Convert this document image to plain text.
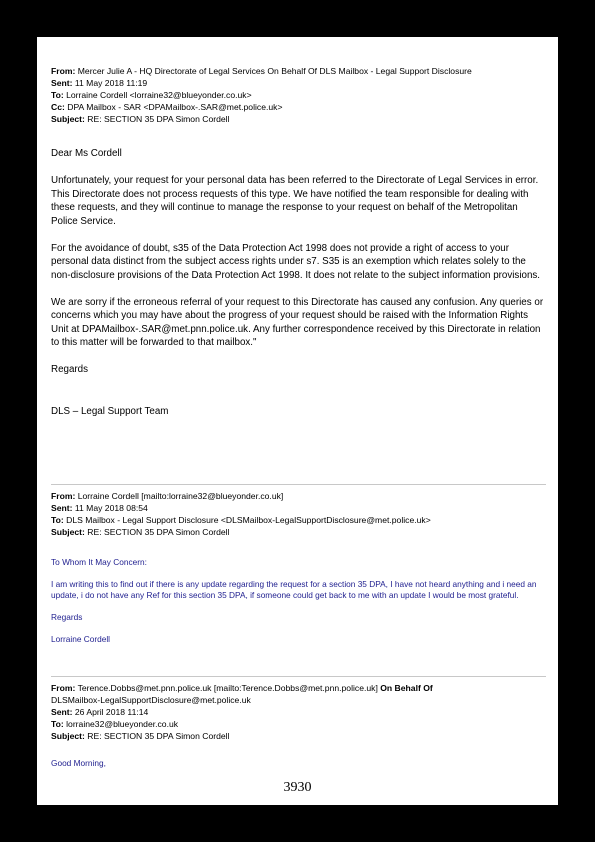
From: Mercer Julie A - HQ Directorate of Legal Services On Behalf Of DLS Mailbox - Legal Support Disclosure
Sent: 11 May 2018 11:19
To: Lorraine Cordell <lorraine32@blueyonder.co.uk>
Cc: DPA Mailbox - SAR <DPAMailbox-.SAR@met.police.uk>
Subject: RE: SECTION 35 DPA Simon Cordell

Dear Ms Cordell

Unfortunately, your request for your personal data has been referred to the Directorate of Legal Services in error. This Directorate does not process requests of this type. We have notified the team responsible for dealing with these requests, and they will continue to manage the response to your request on behalf of the Metropolitan Police Service.

For the avoidance of doubt, s35 of the Data Protection Act 1998 does not provide a right of access to your personal data distinct from the subject access rights under s7. S35 is an exemption which relates solely to the non-disclosure provisions of the Data Protection Act 1998. It does not relate to the subject information provisions.

We are sorry if the erroneous referral of your request to this Directorate has caused any confusion. Any queries or concerns which you may have about the progress of your request should be raised with the Information Rights Unit at DPAMailbox-.SAR@met.pnn.police.uk. Any further correspondence received by this Directorate in relation to this matter will be forwarded to that mailbox."

Regards

DLS – Legal Support Team

From: Lorraine Cordell [mailto:lorraine32@blueyonder.co.uk]
Sent: 11 May 2018 08:54
To: DLS Mailbox - Legal Support Disclosure <DLSMailbox-LegalSupportDisclosure@met.police.uk>
Subject: RE: SECTION 35 DPA Simon Cordell

To Whom It May Concern:

I am writing this to find out if there is any update regarding the request for a section 35 DPA, I have not heard anything and i need an update, i do not have any Ref for this section 35 DPA, if someone could get back to me with an update I would be most grateful.

Regards

Lorraine Cordell

From: Terence.Dobbs@met.pnn.police.uk [mailto:Terence.Dobbs@met.pnn.police.uk] On Behalf Of
DLSMailbox-LegalSupportDisclosure@met.police.uk
Sent: 26 April 2018 11:14
To: lorraine32@blueyonder.co.uk
Subject: RE: SECTION 35 DPA Simon Cordell

Good Morning,

3930
